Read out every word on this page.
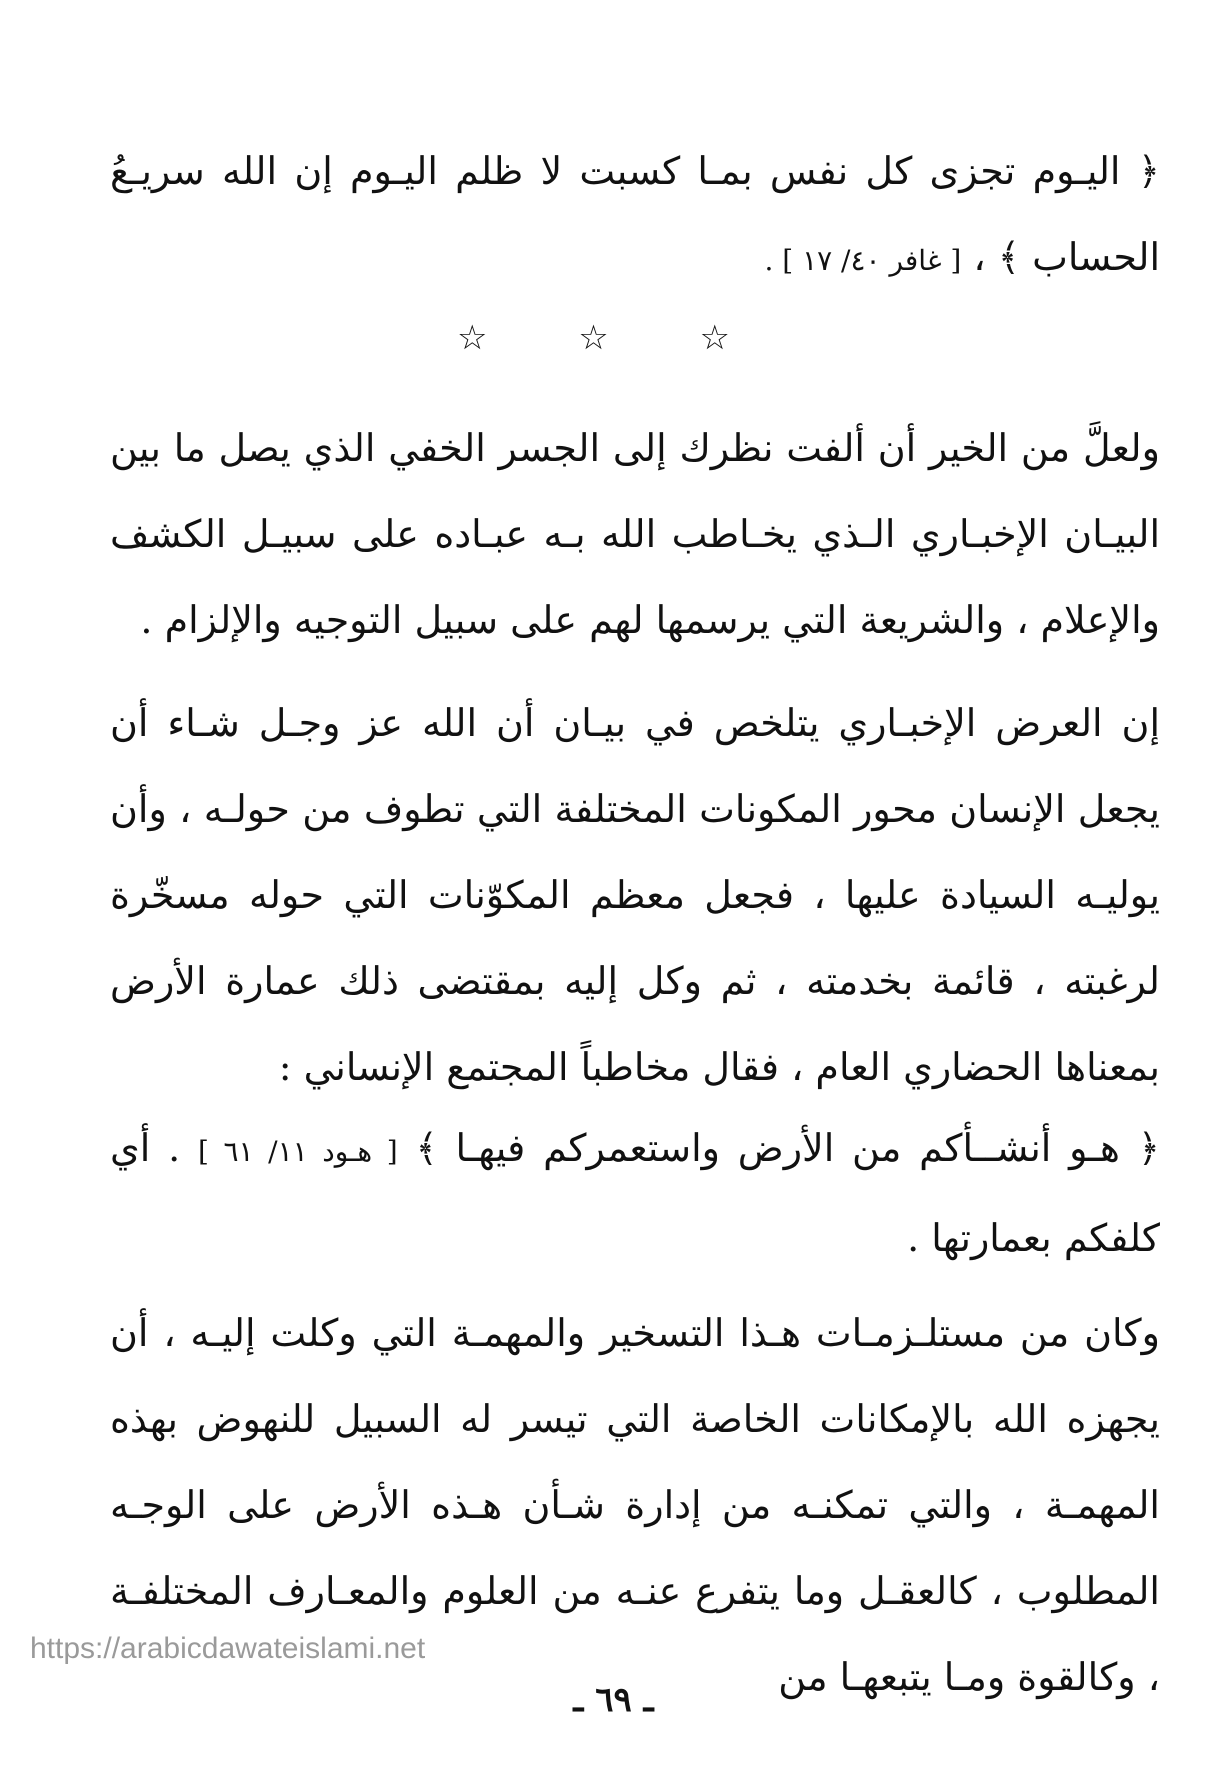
﴿ اليـوم تجزى كل نفس بمـا كسبت لا ظلم اليـوم إن الله سريـعُ الحساب ﴾ ، [ غافر ٤٠/ ١٧ ] .

☆ ☆ ☆

ولعلَّ من الخير أن ألفت نظرك إلى الجسر الخفي الذي يصل ما بين البيـان الإخبـاري الـذي يخـاطب الله بـه عبـاده على سبيـل الكشف والإعلام ، والشريعة التي يرسمها لهم على سبيل التوجيه والإلزام .

إن العرض الإخبـاري يتلخص في بيـان أن الله عز وجـل شـاء أن يجعل الإنسان محور المكونات المختلفة التي تطوف من حولـه ، وأن يوليـه السيادة عليها ، فجعل معظم المكوّنات التي حوله مسخّرة لرغبته ، قائمة بخدمته ، ثم وكل إليه بمقتضى ذلك عمارة الأرض بمعناها الحضاري العام ، فقال مخاطباً المجتمع الإنساني :

﴿ هـو أنشــأكم من الأرض واستعمركم فيهـا ﴾ [ هـود ١١/ ٦١ ] . أي كلفكم بعمارتها .

وكان من مستلـزمـات هـذا التسخير والمهمـة التي وكلت إليـه ، أن يجهزه الله بالإمكانات الخاصة التي تيسر له السبيل للنهوض بهذه المهمـة ، والتي تمكنـه من إدارة شـأن هـذه الأرض على الوجـه المطلوب ، كالعقـل وما يتفرع عنـه من العلوم والمعـارف المختلفـة ، وكالقوة ومـا يتبعهـا من

https://arabicdawateislami.net
ـ ٦٩ ـ
